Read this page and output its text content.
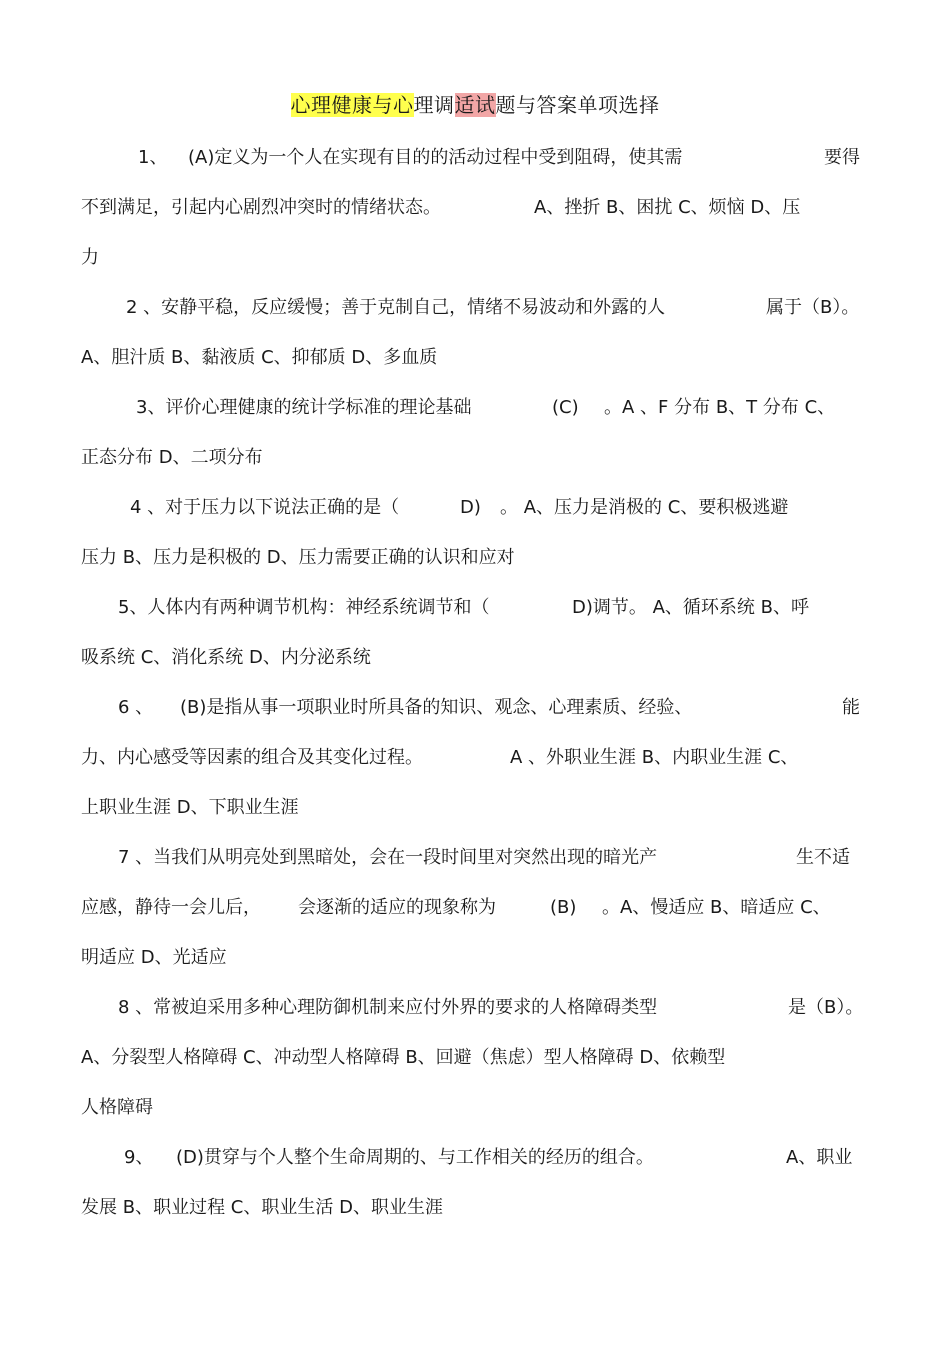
心理健康与心理调适试题与答案单项选择
1、 (A)定义为一个人在实现有目的的活动过程中受到阻碍，使其需	要得
不到满足，引起内心剧烈冲突时的情绪状态。	A、挫折 B、困扰 C、烦恼 D、压
力
2 、安静平稳，反应缓慢；善于克制自己，情绪不易波动和外露的人	属于（B）。
A、胆汁质 B、黏液质 C、抑郁质 D、多血质
3、评价心理健康的统计学标准的理论基础	(C) 。A 、F 分布 B、T 分布 C、
正态分布 D、二项分布
4 、对于压力以下说法正确的是（	D) 。 A、压力是消极的 C、要积极逃避
压力 B、压力是积极的 D、压力需要正确的认识和应对
5、人体内有两种调节机构：神经系统调节和（	D)调节。 A、循环系统 B、呼
吸系统 C、消化系统 D、内分泌系统
6 、 (B)是指从事一项职业时所具备的知识、观念、心理素质、经验、	能
力、内心感受等因素的组合及其变化过程。	A 、外职业生涯 B、内职业生涯 C、
上职业生涯 D、下职业生涯
7 、当我们从明亮处到黑暗处，会在一段时间里对突然出现的暗光产	生不适
应感，静待一会儿后， 会逐渐的适应的现象称为	(B) 。A、慢适应 B、暗适应 C、
明适应 D、光适应
8 、常被迫采用多种心理防御机制来应付外界的要求的人格障碍类型	是（B）。
A、分裂型人格障碍 C、冲动型人格障碍 B、回避（焦虑）型人格障碍 D、依赖型
人格障碍
9、 (D)贯穿与个人整个生命周期的、与工作相关的经历的组合。	A、职业
发展 B、职业过程 C、职业生活 D、职业生涯
